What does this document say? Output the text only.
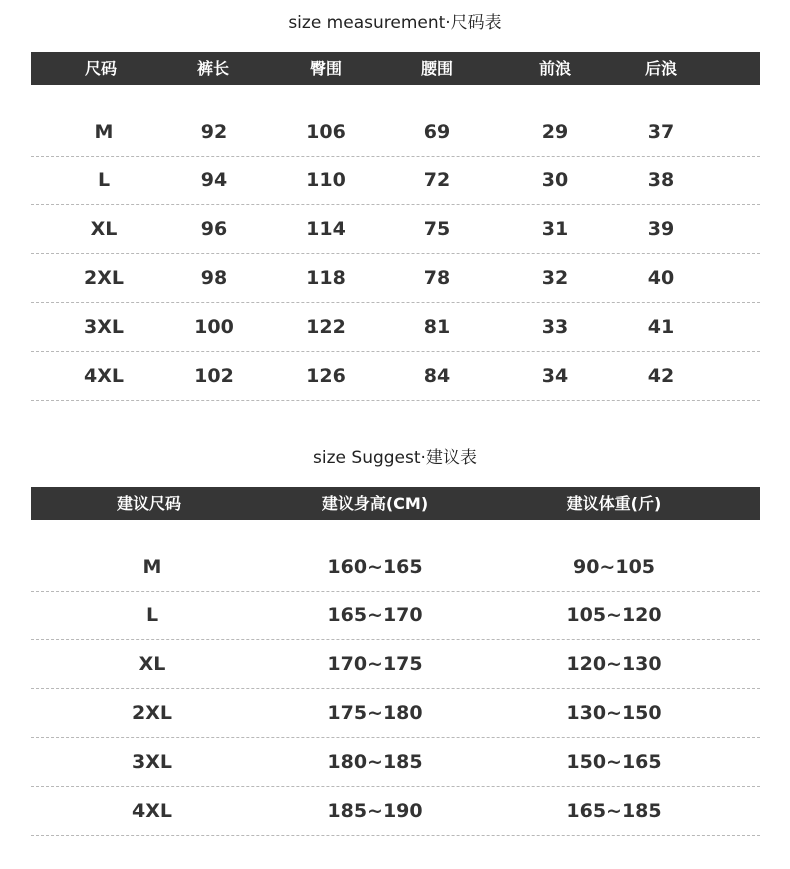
size measurement·尺码表
尺码	裤长	臀围	腰围	前浪	后浪
M	92	106	69	29	37
L	94	110	72	30	38
XL	96	114	75	31	39
2XL	98	118	78	32	40
3XL	100	122	81	33	41
4XL	102	126	84	34	42
size Suggest·建议表
建议尺码	建议身高(CM)	建议体重(斤)
M	160~165	90~105
L	165~170	105~120
XL	170~175	120~130
2XL	175~180	130~150
3XL	180~185	150~165
4XL	185~190	165~185
